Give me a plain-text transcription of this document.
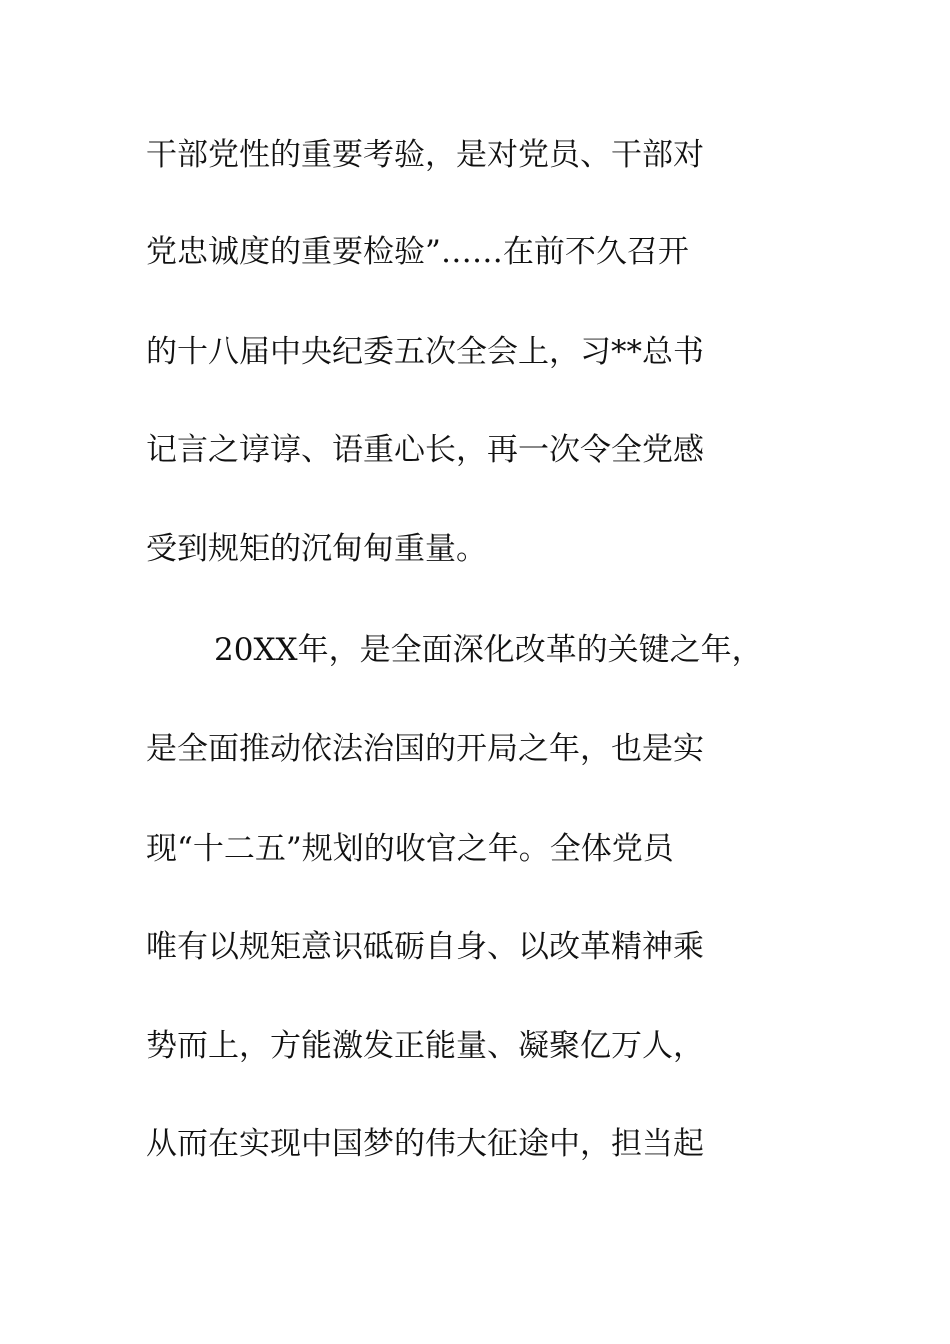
干部党性的重要考验，是对党员、干部对
党忠诚度的重要检验”……在前不久召开
的十八届中央纪委五次全会上，习**总书
记言之谆谆、语重心长，再一次令全党感
受到规矩的沉甸甸重量。
20XX年，是全面深化改革的关键之年，
是全面推动依法治国的开局之年，也是实
现“十二五”规划的收官之年。全体党员
唯有以规矩意识砥砺自身、以改革精神乘
势而上，方能激发正能量、凝聚亿万人，
从而在实现中国梦的伟大征途中，担当起
